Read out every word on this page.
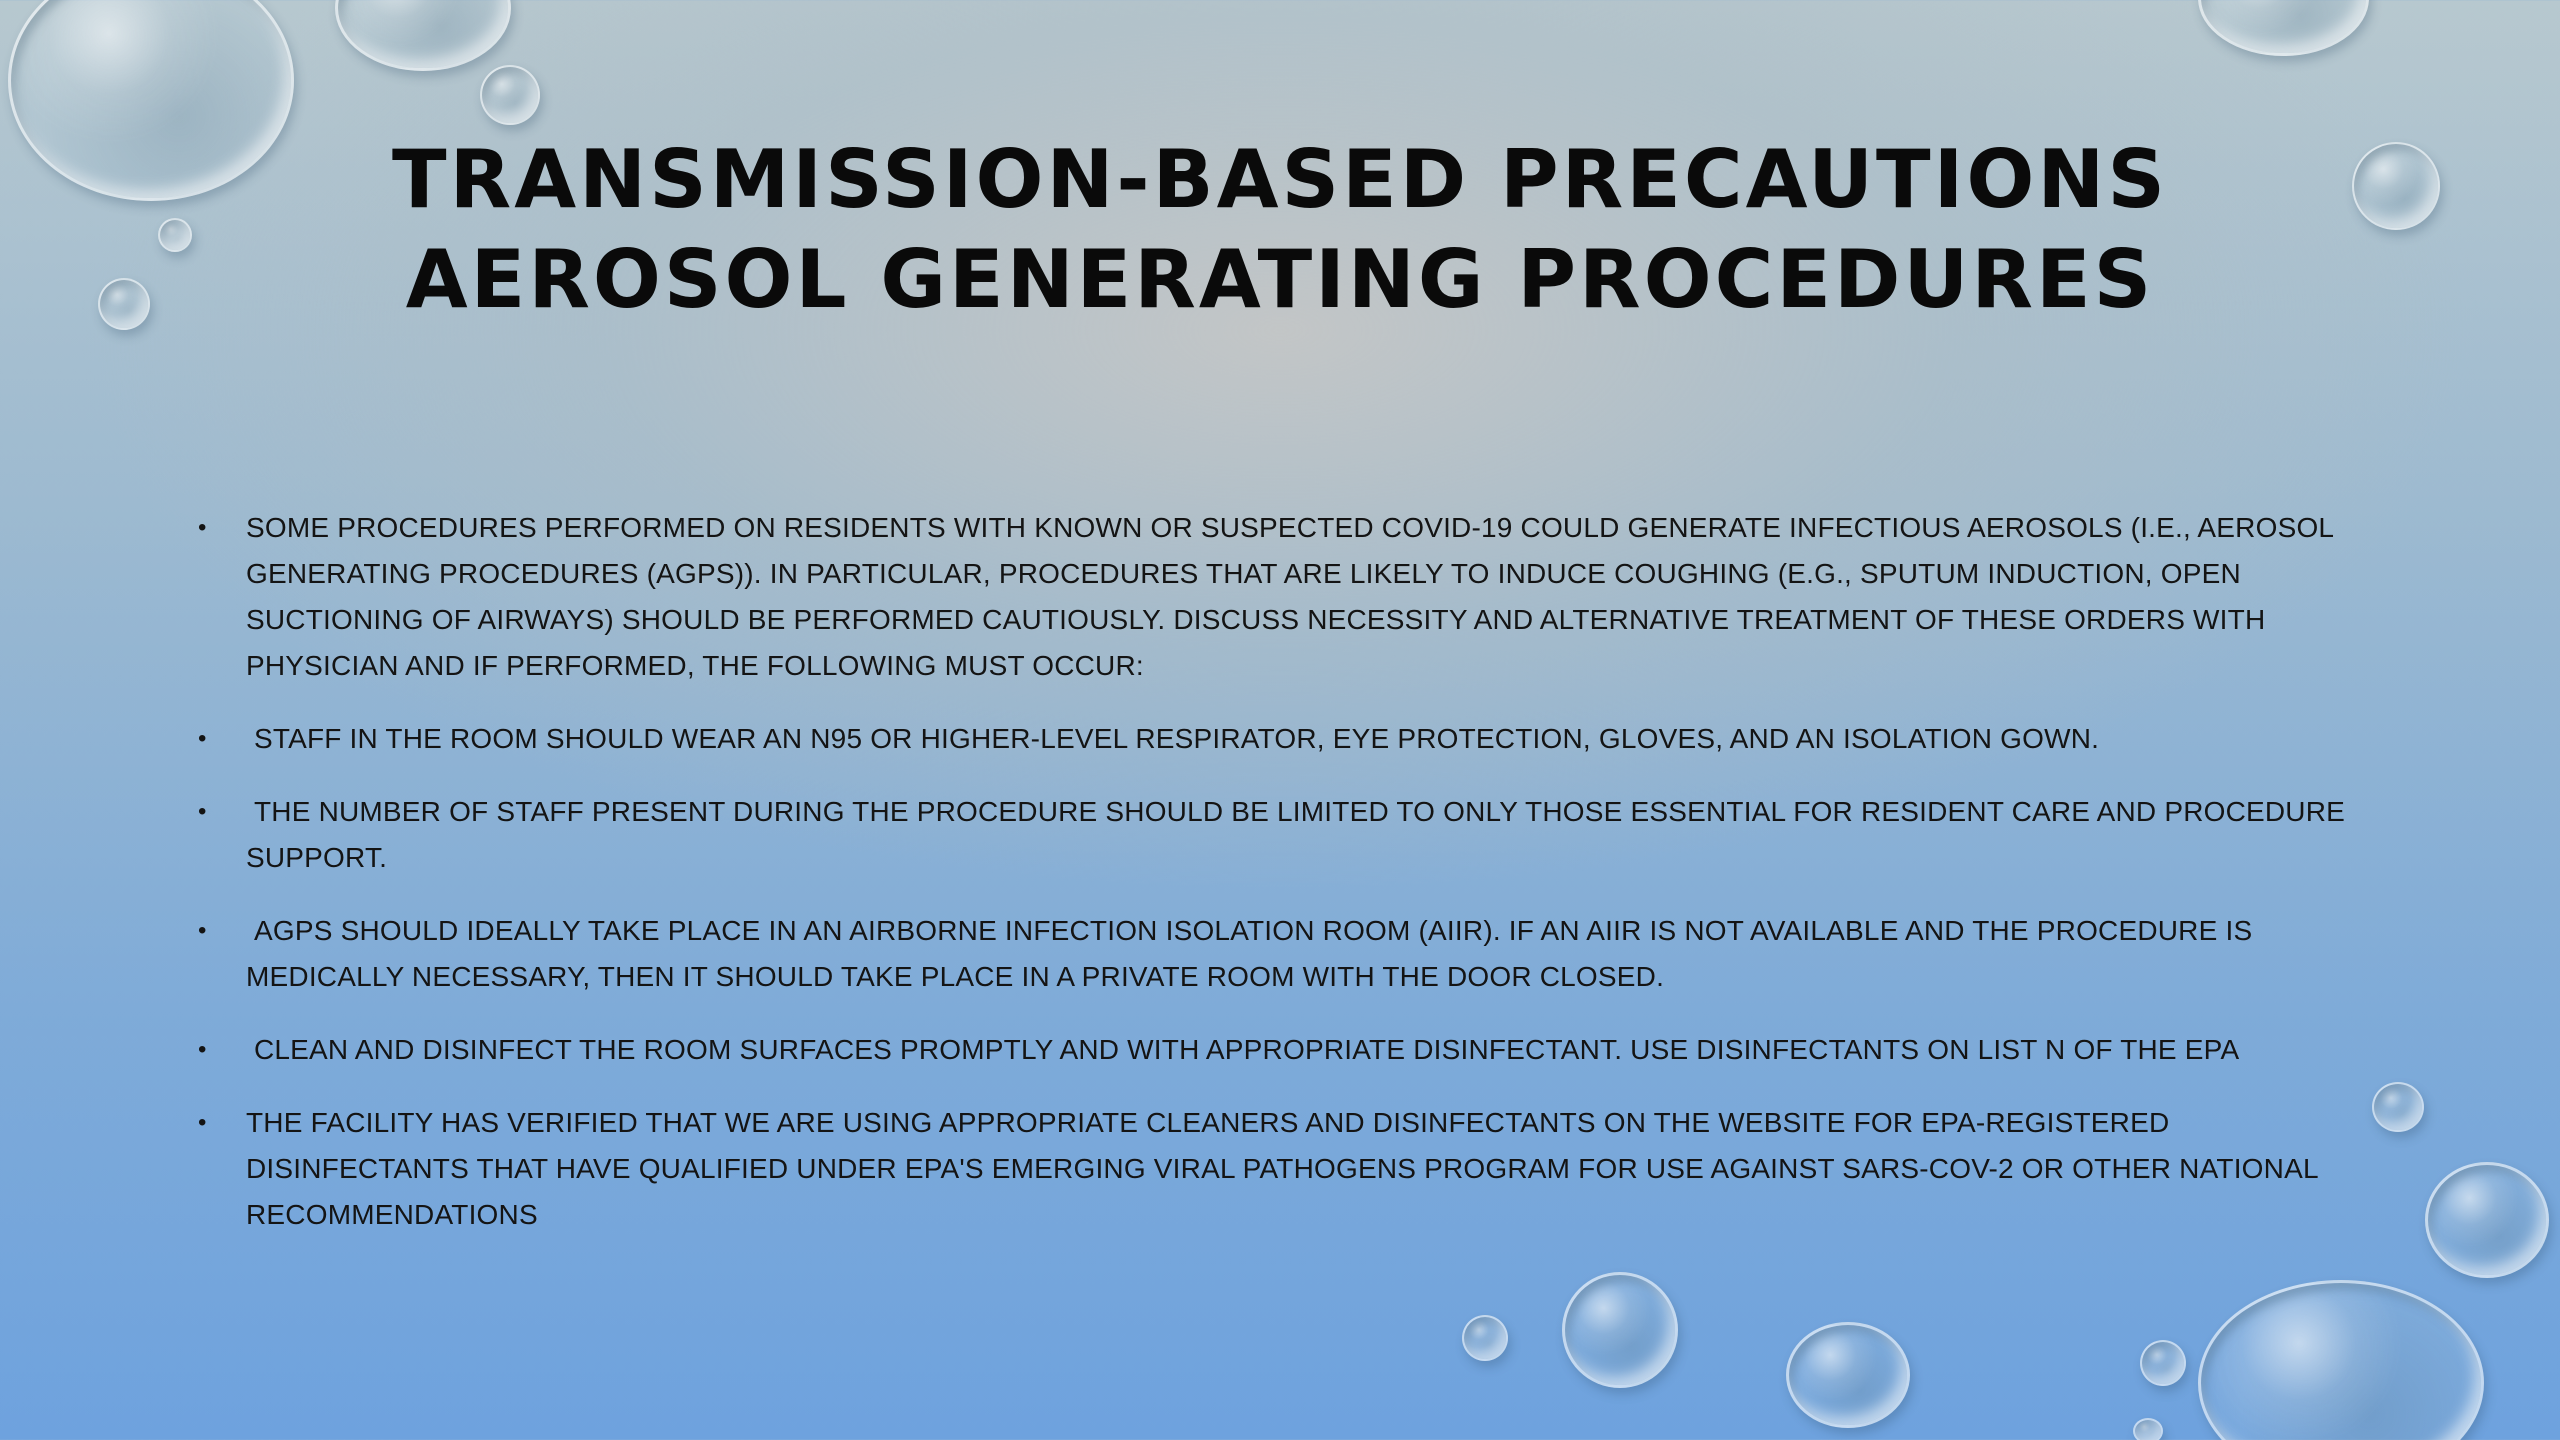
TRANSMISSION-BASED PRECAUTIONS
AEROSOL GENERATING PROCEDURES
• SOME PROCEDURES PERFORMED ON RESIDENTS WITH KNOWN OR SUSPECTED COVID-19 COULD GENERATE INFECTIOUS AEROSOLS (I.E., AEROSOL GENERATING PROCEDURES (AGPS)). IN PARTICULAR, PROCEDURES THAT ARE LIKELY TO INDUCE COUGHING (E.G., SPUTUM INDUCTION, OPEN SUCTIONING OF AIRWAYS) SHOULD BE PERFORMED CAUTIOUSLY. DISCUSS NECESSITY AND ALTERNATIVE TREATMENT OF THESE ORDERS WITH PHYSICIAN AND IF PERFORMED, THE FOLLOWING MUST OCCUR:
• STAFF IN THE ROOM SHOULD WEAR AN N95 OR HIGHER-LEVEL RESPIRATOR, EYE PROTECTION, GLOVES, AND AN ISOLATION GOWN.
• THE NUMBER OF STAFF PRESENT DURING THE PROCEDURE SHOULD BE LIMITED TO ONLY THOSE ESSENTIAL FOR RESIDENT CARE AND PROCEDURE SUPPORT.
• AGPS SHOULD IDEALLY TAKE PLACE IN AN AIRBORNE INFECTION ISOLATION ROOM (AIIR). IF AN AIIR IS NOT AVAILABLE AND THE PROCEDURE IS MEDICALLY NECESSARY, THEN IT SHOULD TAKE PLACE IN A PRIVATE ROOM WITH THE DOOR CLOSED.
• CLEAN AND DISINFECT THE ROOM SURFACES PROMPTLY AND WITH APPROPRIATE DISINFECTANT. USE DISINFECTANTS ON LIST N OF THE EPA
• THE FACILITY HAS VERIFIED THAT WE ARE USING APPROPRIATE CLEANERS AND DISINFECTANTS ON THE WEBSITE FOR EPA-REGISTERED DISINFECTANTS THAT HAVE QUALIFIED UNDER EPA'S EMERGING VIRAL PATHOGENS PROGRAM FOR USE AGAINST SARS-COV-2 OR OTHER NATIONAL RECOMMENDATIONS
